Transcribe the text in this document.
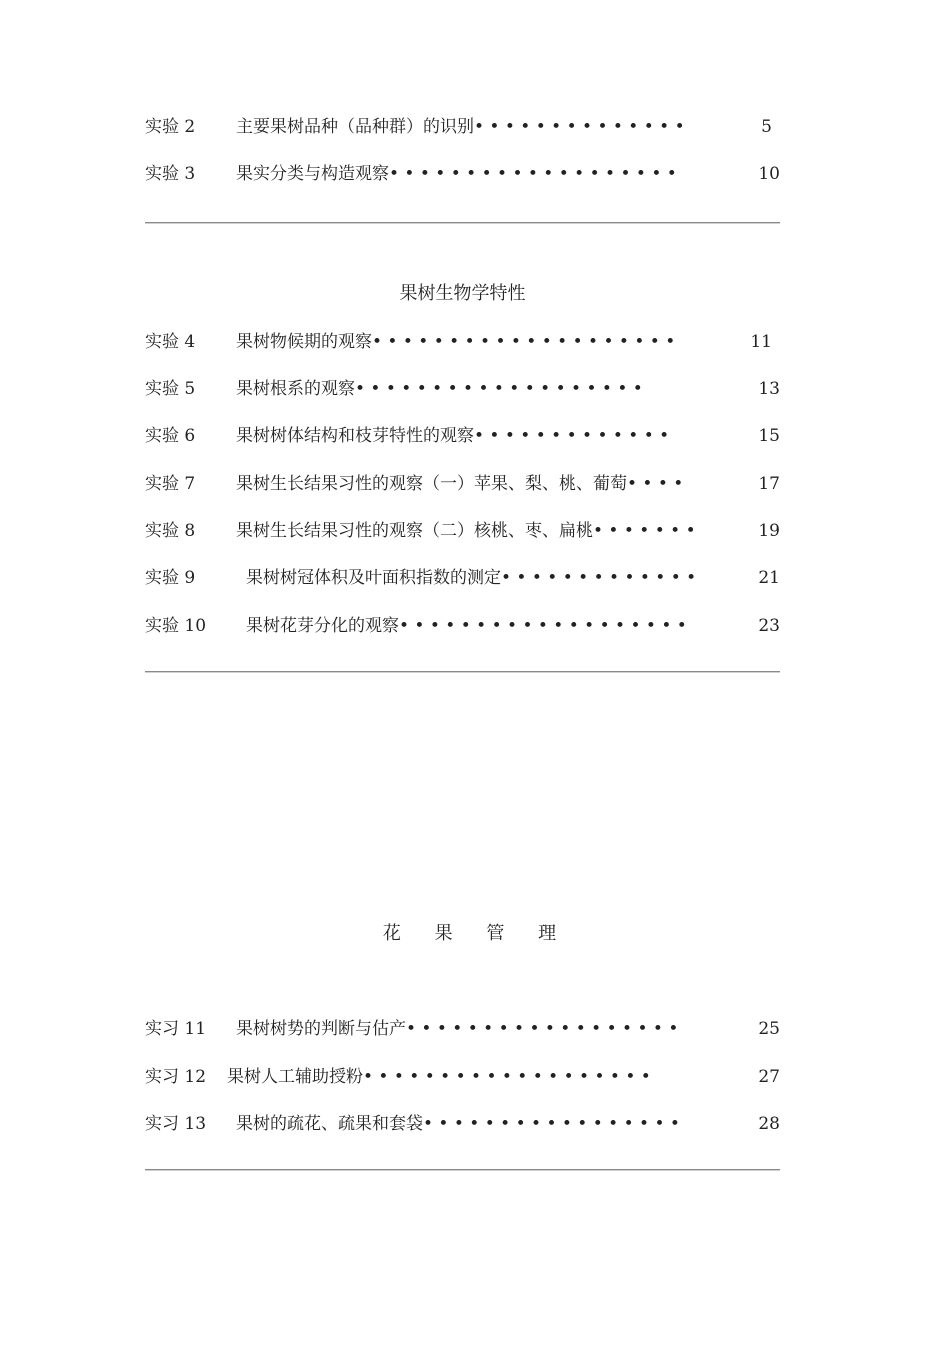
实验 2 主要果树品种（品种群）的识别• • • • • • • • • • • • • •	5
实验 3 果实分类与构造观察• • • • • • • • • • • • • • • • • • •	10
果树生物学特性
实验 4 果树物候期的观察• • • • • • • • • • • • • • • • • • • •	11
实验 5 果树根系的观察• • • • • • • • • • • • • • • • • • •	13
实验 6 果树树体结构和枝芽特性的观察• • • • • • • • • • • • •	15
实验 7 果树生长结果习性的观察（一）苹果、梨、桃、葡萄• • • •	17
实验 8 果树生长结果习性的观察（二）核桃、枣、扁桃• • • • • • •	19
实验 9	果树树冠体积及叶面积指数的测定• • • • • • • • • • • • •	21
实验 10 果树花芽分化的观察• • • • • • • • • • • • • • • • • • •	23
花 果 管 理
实习 11 果树树势的判断与估产• • • • • • • • • • • • • • • • • •	25
实习 12 果树人工辅助授粉• • • • • • • • • • • • • • • • • • •	27
实习 13 果树的疏花、疏果和套袋• • • • • • • • • • • • • • • • •	28
